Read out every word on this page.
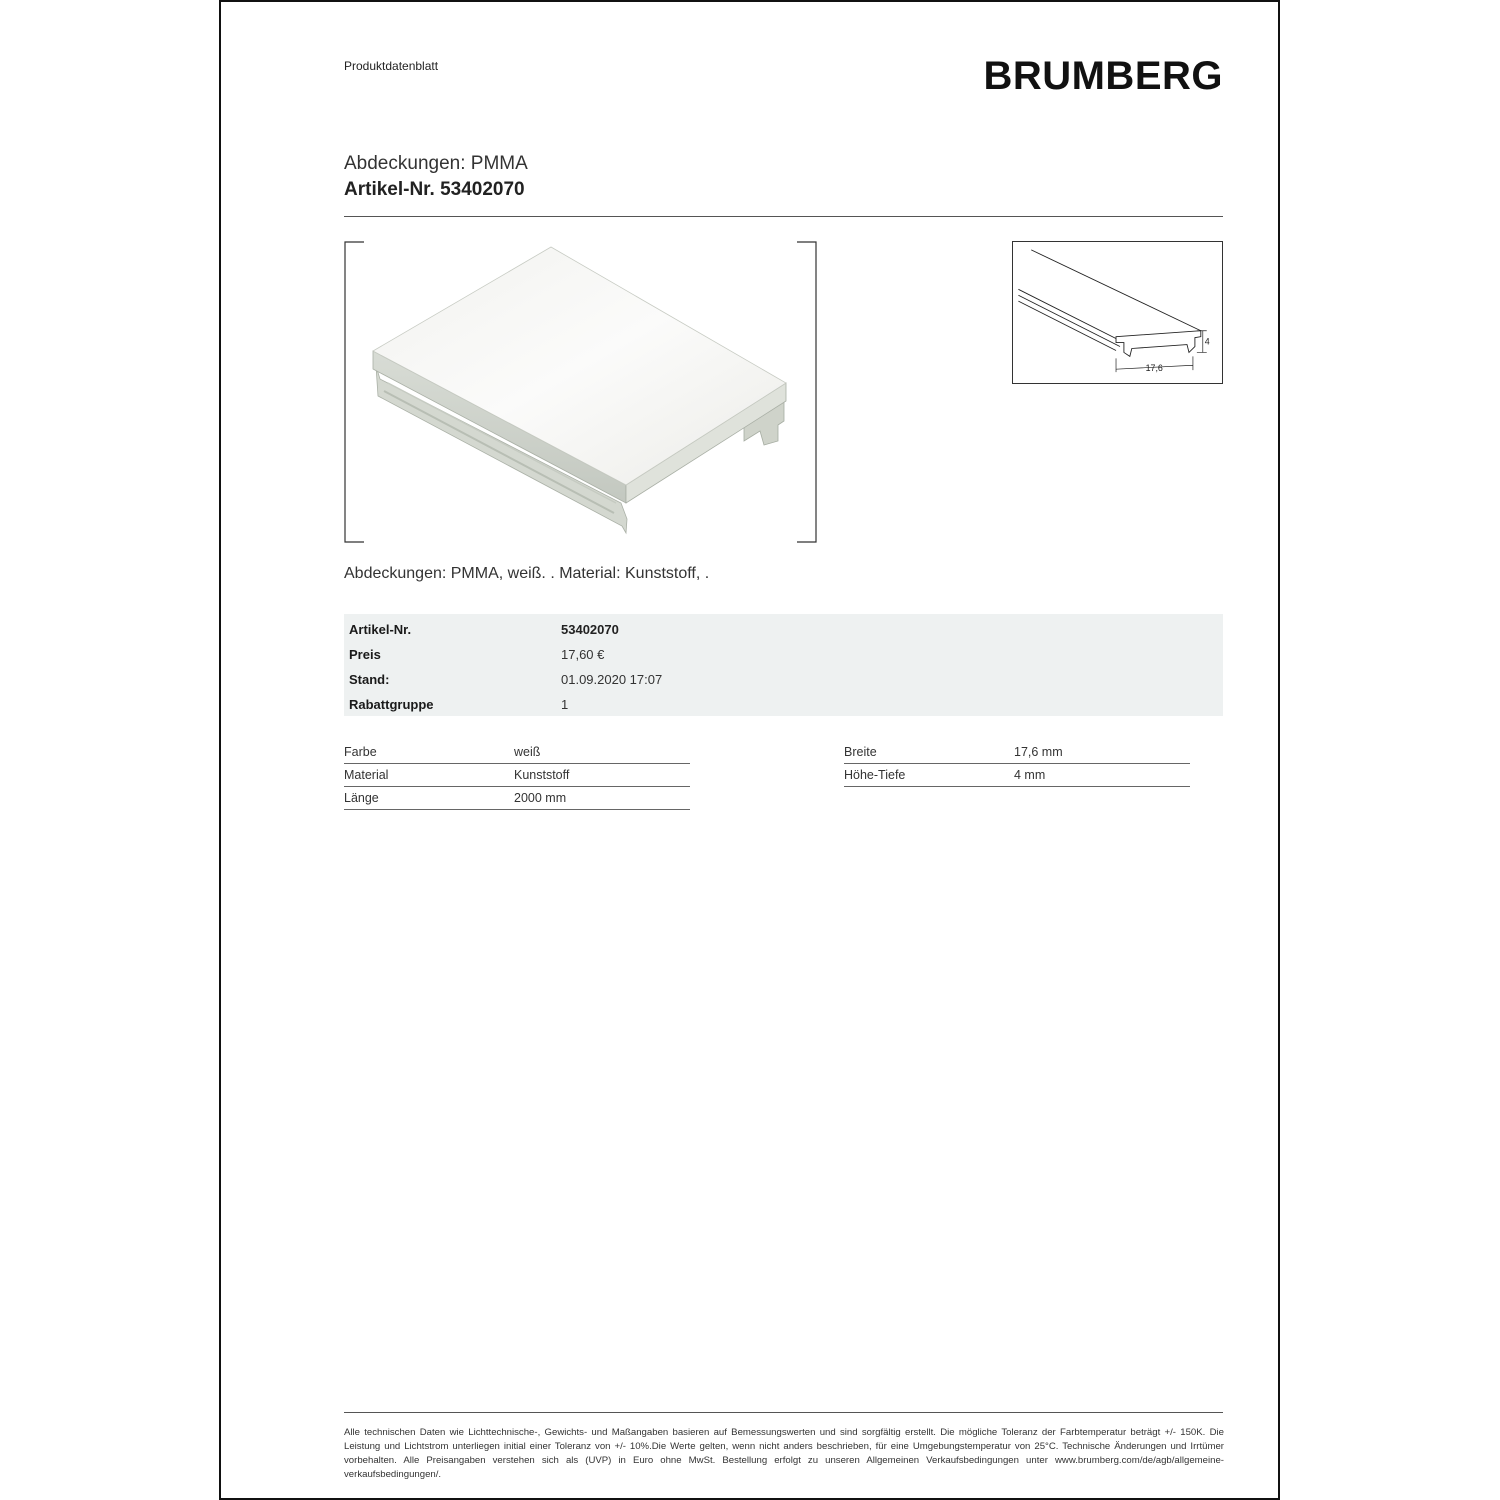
Produktdatenblatt	BRUMBERG
Abdeckungen: PMMA
Artikel-Nr. 53402070
4
17,6
Abdeckungen: PMMA, weiß. . Material: Kunststoff, .
Artikel-Nr.	53402070
Preis	17,60 €
Stand:	01.09.2020 17:07
Rabattgruppe	1
Farbe	weiß
Material	Kunststoff
Länge	2000 mm
Breite	17,6 mm
Höhe-Tiefe	4 mm
Alle technischen Daten wie Lichttechnische-, Gewichts- und Maßangaben basieren auf Bemessungswerten und sind sorgfältig erstellt. Die mögliche Toleranz der Farbtemperatur beträgt +/- 150K. Die Leistung und Lichtstrom unterliegen initial einer Toleranz von +/- 10%.Die Werte gelten, wenn nicht anders beschrieben, für eine Umgebungstemperatur von 25°C. Technische Änderungen und Irrtümer vorbehalten. Alle Preisangaben verstehen sich als (UVP) in Euro ohne MwSt. Bestellung erfolgt zu unseren Allgemeinen Verkaufsbedingungen unter www.brumberg.com/de/agb/allgemeine-verkaufsbedingungen/.
